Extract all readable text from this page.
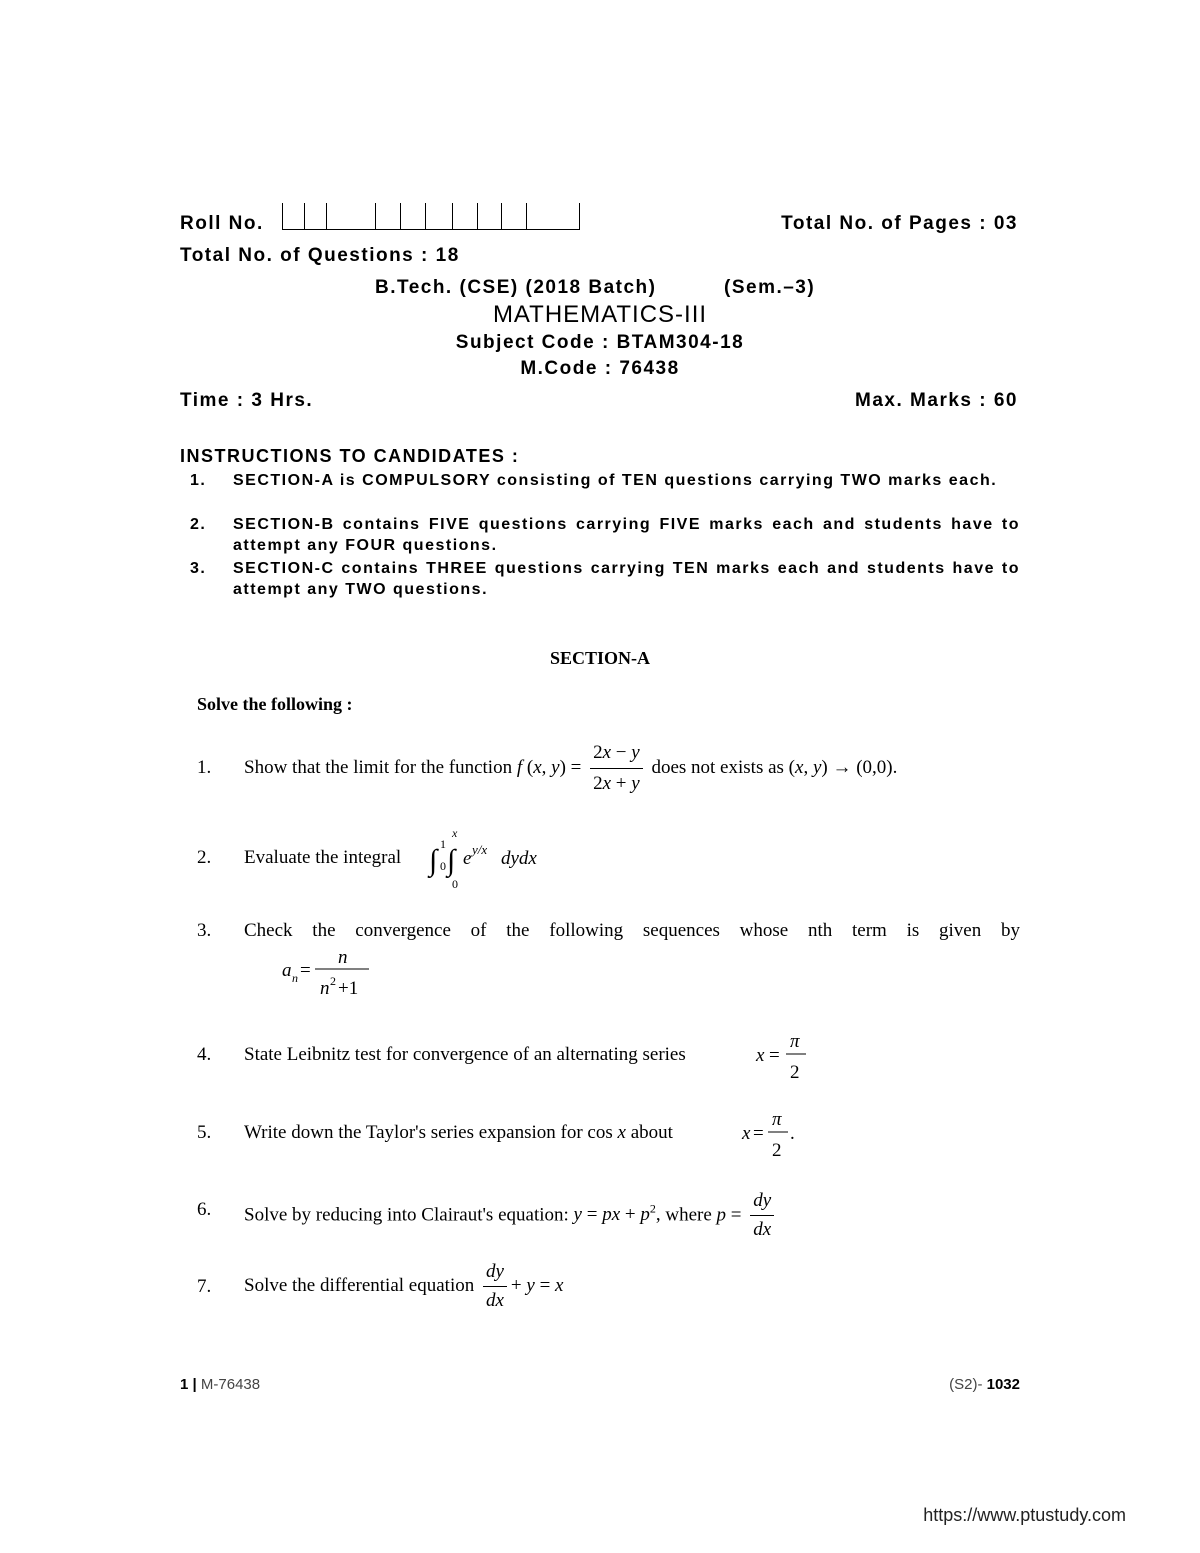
Roll No.	Total No. of Pages : 03
Total No. of Questions : 18
B.Tech. (CSE) (2018 Batch)	(Sem.–3)
MATHEMATICS-III
Subject Code : BTAM304-18
M.Code : 76438
Time : 3 Hrs.	Max. Marks : 60
INSTRUCTIONS TO CANDIDATES :
1. SECTION-A is COMPULSORY consisting of TEN questions carrying TWO marks each.
2. SECTION-B contains FIVE questions carrying FIVE marks each and students have to attempt any FOUR questions.
3. SECTION-C contains THREE questions carrying TEN marks each and students have to attempt any TWO questions.
SECTION-A
Solve the following :
1. Show that the limit for the function f (x, $y) = \frac{2x - y}{2x + y}$ does not exists as (x, y) → (0,0).
2. Evaluate the integral ∫ 1
0 ∫
x
0
e y/x dydx
3. Check the convergence of the following sequences whose nth term is given by
a n =
n
n 2 +1
4. State Leibnitz test for convergence of an alternating series	x =
π
2
5. Write down the Taylor's series expansion for cos x about	x =
π
2
.
6. Solve by reducing into Clairaut's equation: y = px + $p^2$, where $p = \frac{dy}{dx}$
7. Solve the differential equation $\frac{dy}{dx} + y = x$
1 | M-76438	(S2)- 1032
https://www.ptustudy.com
